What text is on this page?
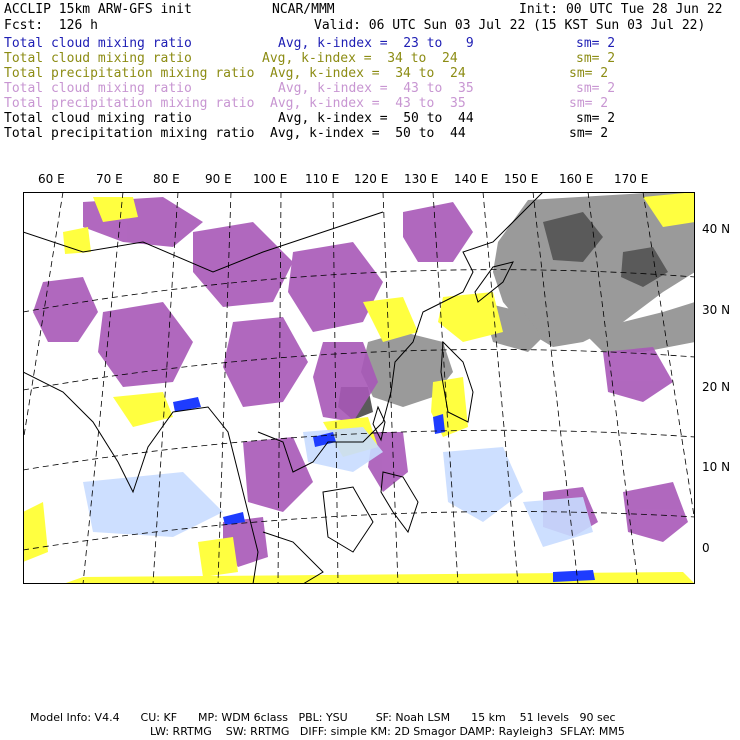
ACCLIP 15km ARW-GFS init	NCAR/MMM	Init: 00 UTC Tue 28 Jun 22
Fcst:  126 h	Valid: 06 UTC Sun 03 Jul 22 (15 KST Sun 03 Jul 22)
Total cloud mixing ratio	Avg, k-index =  23 to   9	sm= 2
Total cloud mixing ratio	Avg, k-index =  34 to  24	sm= 2
Total precipitation mixing ratio Avg, k-index =  34 to  24	sm= 2
Total cloud mixing ratio	Avg, k-index =  43 to  35	sm= 2
Total precipitation mixing ratio Avg, k-index =  43 to  35	sm= 2
Total cloud mixing ratio	Avg, k-index =  50 to  44	sm= 2
Total precipitation mixing ratio Avg, k-index =  50 to  44	sm= 2
60 E	70 E	80 E 90 E 100 E 110 E 120 E 130 E 140 E 150 E 160 E 170 E
40 N
30 N
20 N
10 N
0
Model Info: V4.4      CU: KF      MP: WDM 6class   PBL: YSU        SF: Noah LSM      15 km    51 levels   90 sec
LW: RRTMG    SW: RRTMG   DIFF: simple KM: 2D Smagor DAMP: Rayleigh3  SFLAY: MM5
